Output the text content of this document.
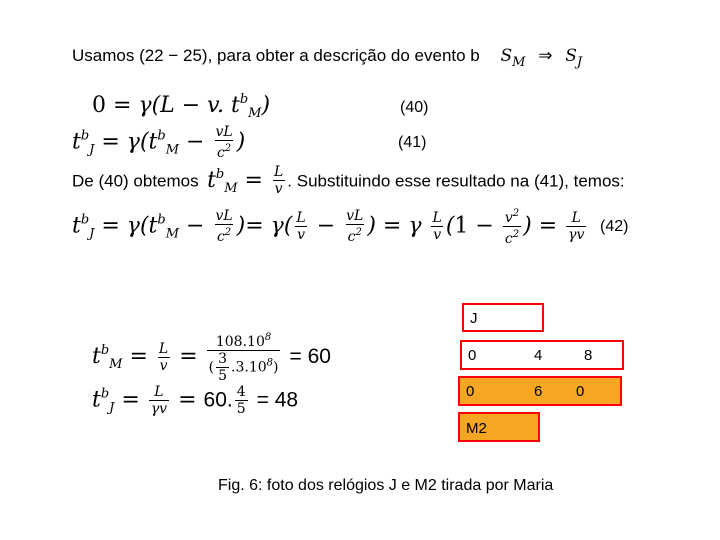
Usamos (22 − 25), para obter a descrição do evento b $S_M$ ⇒ $S_J$
0 = γ(L − v. $t^b_M$)	(40)
$t^b_J = \gamma(t^b_M - \frac{vL}{c^2}$ )	(41)
De (40) obtemos $t^b_M = \frac{L}{v}$ . Substituindo esse resultado na (41), temos:
$t^b_J = \gamma(t^b_M - \frac{vL}{c^2}$ )= $\gamma( \frac{L}{v} - \frac{vL}{c^2}$ ) = γ $\frac{L}{v} (1 - \frac{v^2}{c^2}$ ) = $\frac{L}{\gamma v} (42)$
$t^b_M = \frac{L}{v} = \frac{108.10^8}{( \frac{3}{5} .3.10^8)} = 60$
$t^b_J = \frac{L}{\gamma v} = 60$. $\frac{4}{5} = 48$
J
0	4	8
0	6 0
M2
Fig. 6: foto dos relógios J e M2 tirada por Maria
